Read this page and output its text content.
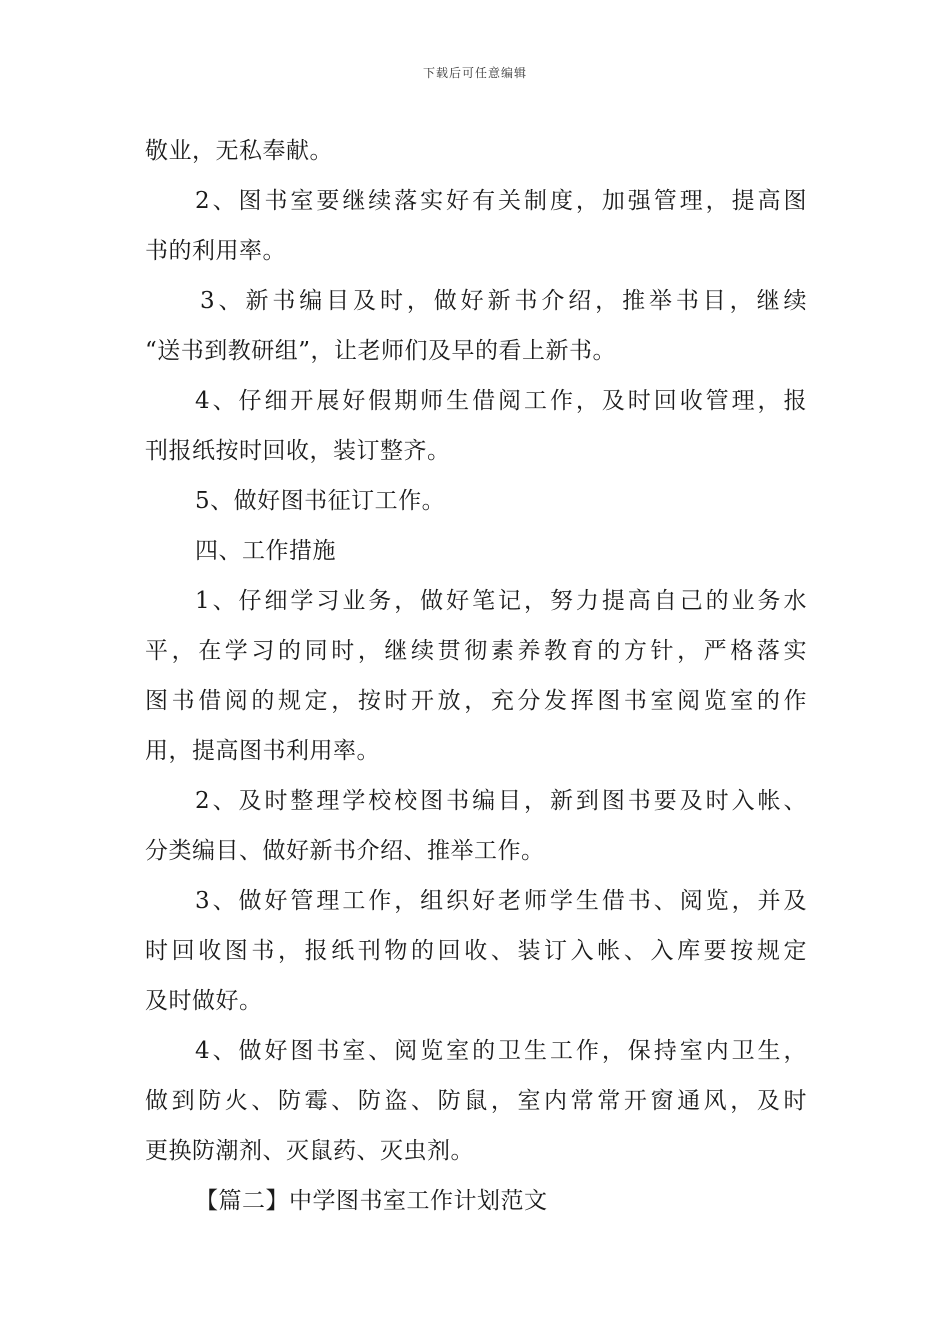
下载后可任意编辑
敬业，无私奉献。
2、图书室要继续落实好有关制度，加强管理，提高图
书的利用率。
3、新书编目及时，做好新书介绍，推举书目，继续
“送书到教研组”，让老师们及早的看上新书。
4、仔细开展好假期师生借阅工作，及时回收管理，报
刊报纸按时回收，装订整齐。
5、做好图书征订工作。
四、工作措施
1、仔细学习业务，做好笔记，努力提高自己的业务水
平，在学习的同时，继续贯彻素养教育的方针，严格落实
图书借阅的规定，按时开放，充分发挥图书室阅览室的作
用，提高图书利用率。
2、及时整理学校校图书编目，新到图书要及时入帐、
分类编目、做好新书介绍、推举工作。
3、做好管理工作，组织好老师学生借书、阅览，并及
时回收图书，报纸刊物的回收、装订入帐、入库要按规定
及时做好。
4、做好图书室、阅览室的卫生工作，保持室内卫生，
做到防火、防霉、防盗、防鼠，室内常常开窗通风，及时
更换防潮剂、灭鼠药、灭虫剂。
【篇二】中学图书室工作计划范文
